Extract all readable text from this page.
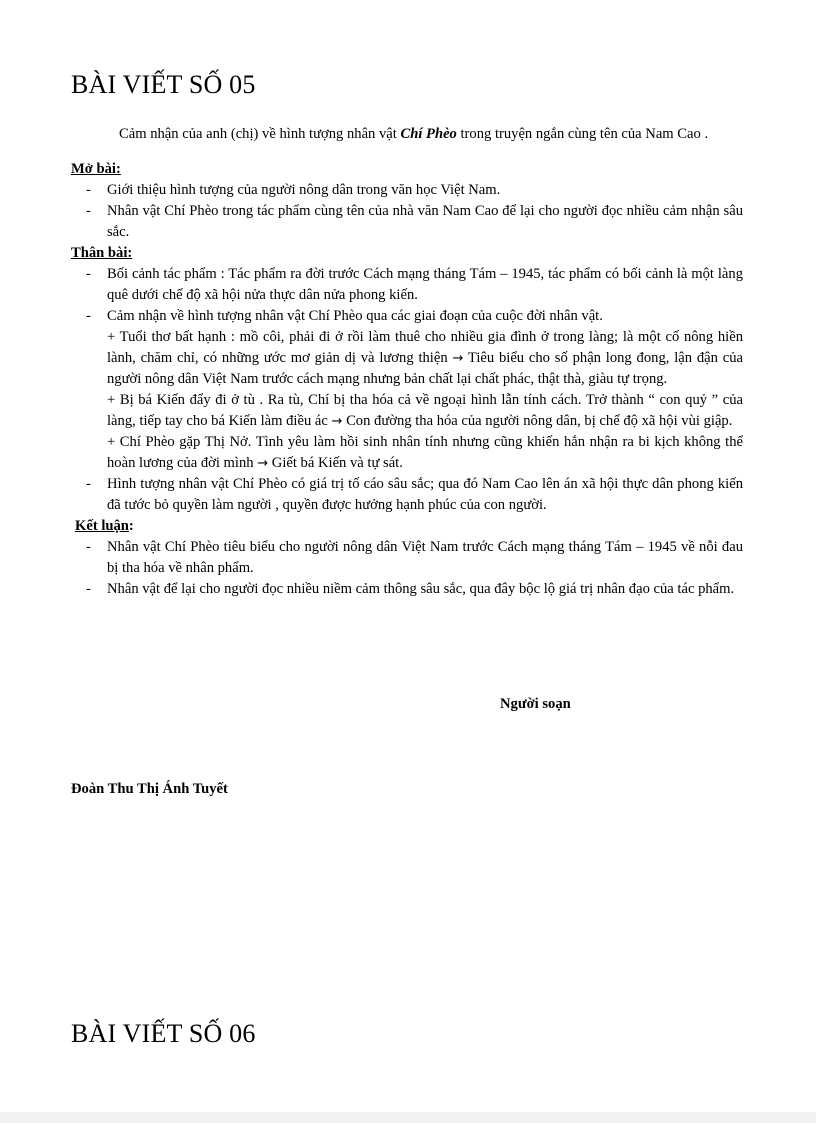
BÀI VIẾT SỐ 05

Cảm nhận của anh (chị) về hình tượng nhân vật Chí Phèo trong truyện ngắn cùng tên của Nam Cao .

Mở bài:
- Giới thiệu hình tượng của người nông dân trong văn học Việt Nam.
- Nhân vật Chí Phèo trong tác phẩm cùng tên của nhà văn Nam Cao để lại cho người đọc nhiều cảm nhận sâu sắc.
Thân bài:
- Bối cảnh tác phẩm : Tác phẩm ra đời trước Cách mạng tháng Tám – 1945, tác phẩm có bối cảnh là một làng quê dưới chế độ xã hội nửa thực dân nửa phong kiến.
- Cảm nhận về hình tượng nhân vật Chí Phèo qua các giai đoạn của cuộc đời nhân vật.

+ Tuổi thơ bất hạnh : mồ côi, phải đi ở rồi làm thuê cho nhiều gia đình ở trong làng; là một cố nông hiền lành, chăm chỉ, có những ước mơ giản dị và lương thiện → Tiêu biểu cho số phận long đong, lận đận của người nông dân Việt Nam trước cách mạng nhưng bản chất lại chất phác, thật thà, giàu tự trọng.

+ Bị bá Kiến đẩy đi ở tù . Ra tù, Chí bị tha hóa cả về ngoại hình lẫn tính cách. Trở thành “ con quỷ ” của làng, tiếp tay cho bá Kiến làm điều ác → Con đường tha hóa của người nông dân, bị chế độ xã hội vùi giập.

+ Chí Phèo gặp Thị Nở. Tình yêu làm hồi sinh nhân tính nhưng cũng khiến hắn nhận ra bi kịch không thể hoàn lương của đời mình → Giết bá Kiến và tự sát.

- Hình tượng nhân vật Chí Phèo có giá trị tố cáo sâu sắc; qua đó Nam Cao lên án xã hội thực dân phong kiến đã tước bỏ quyền làm người , quyền được hưởng hạnh phúc của con người.
Kết luận:
- Nhân vật Chí Phèo tiêu biểu cho người nông dân Việt Nam trước Cách mạng tháng Tám – 1945 về nỗi đau bị tha hóa về nhân phẩm.
- Nhân vật để lại cho người đọc nhiều niềm cảm thông sâu sắc, qua đây bộc lộ giá trị nhân đạo của tác phẩm.
Người soạn
Đoàn Thu Thị Ánh Tuyết
BÀI VIẾT SỐ 06
